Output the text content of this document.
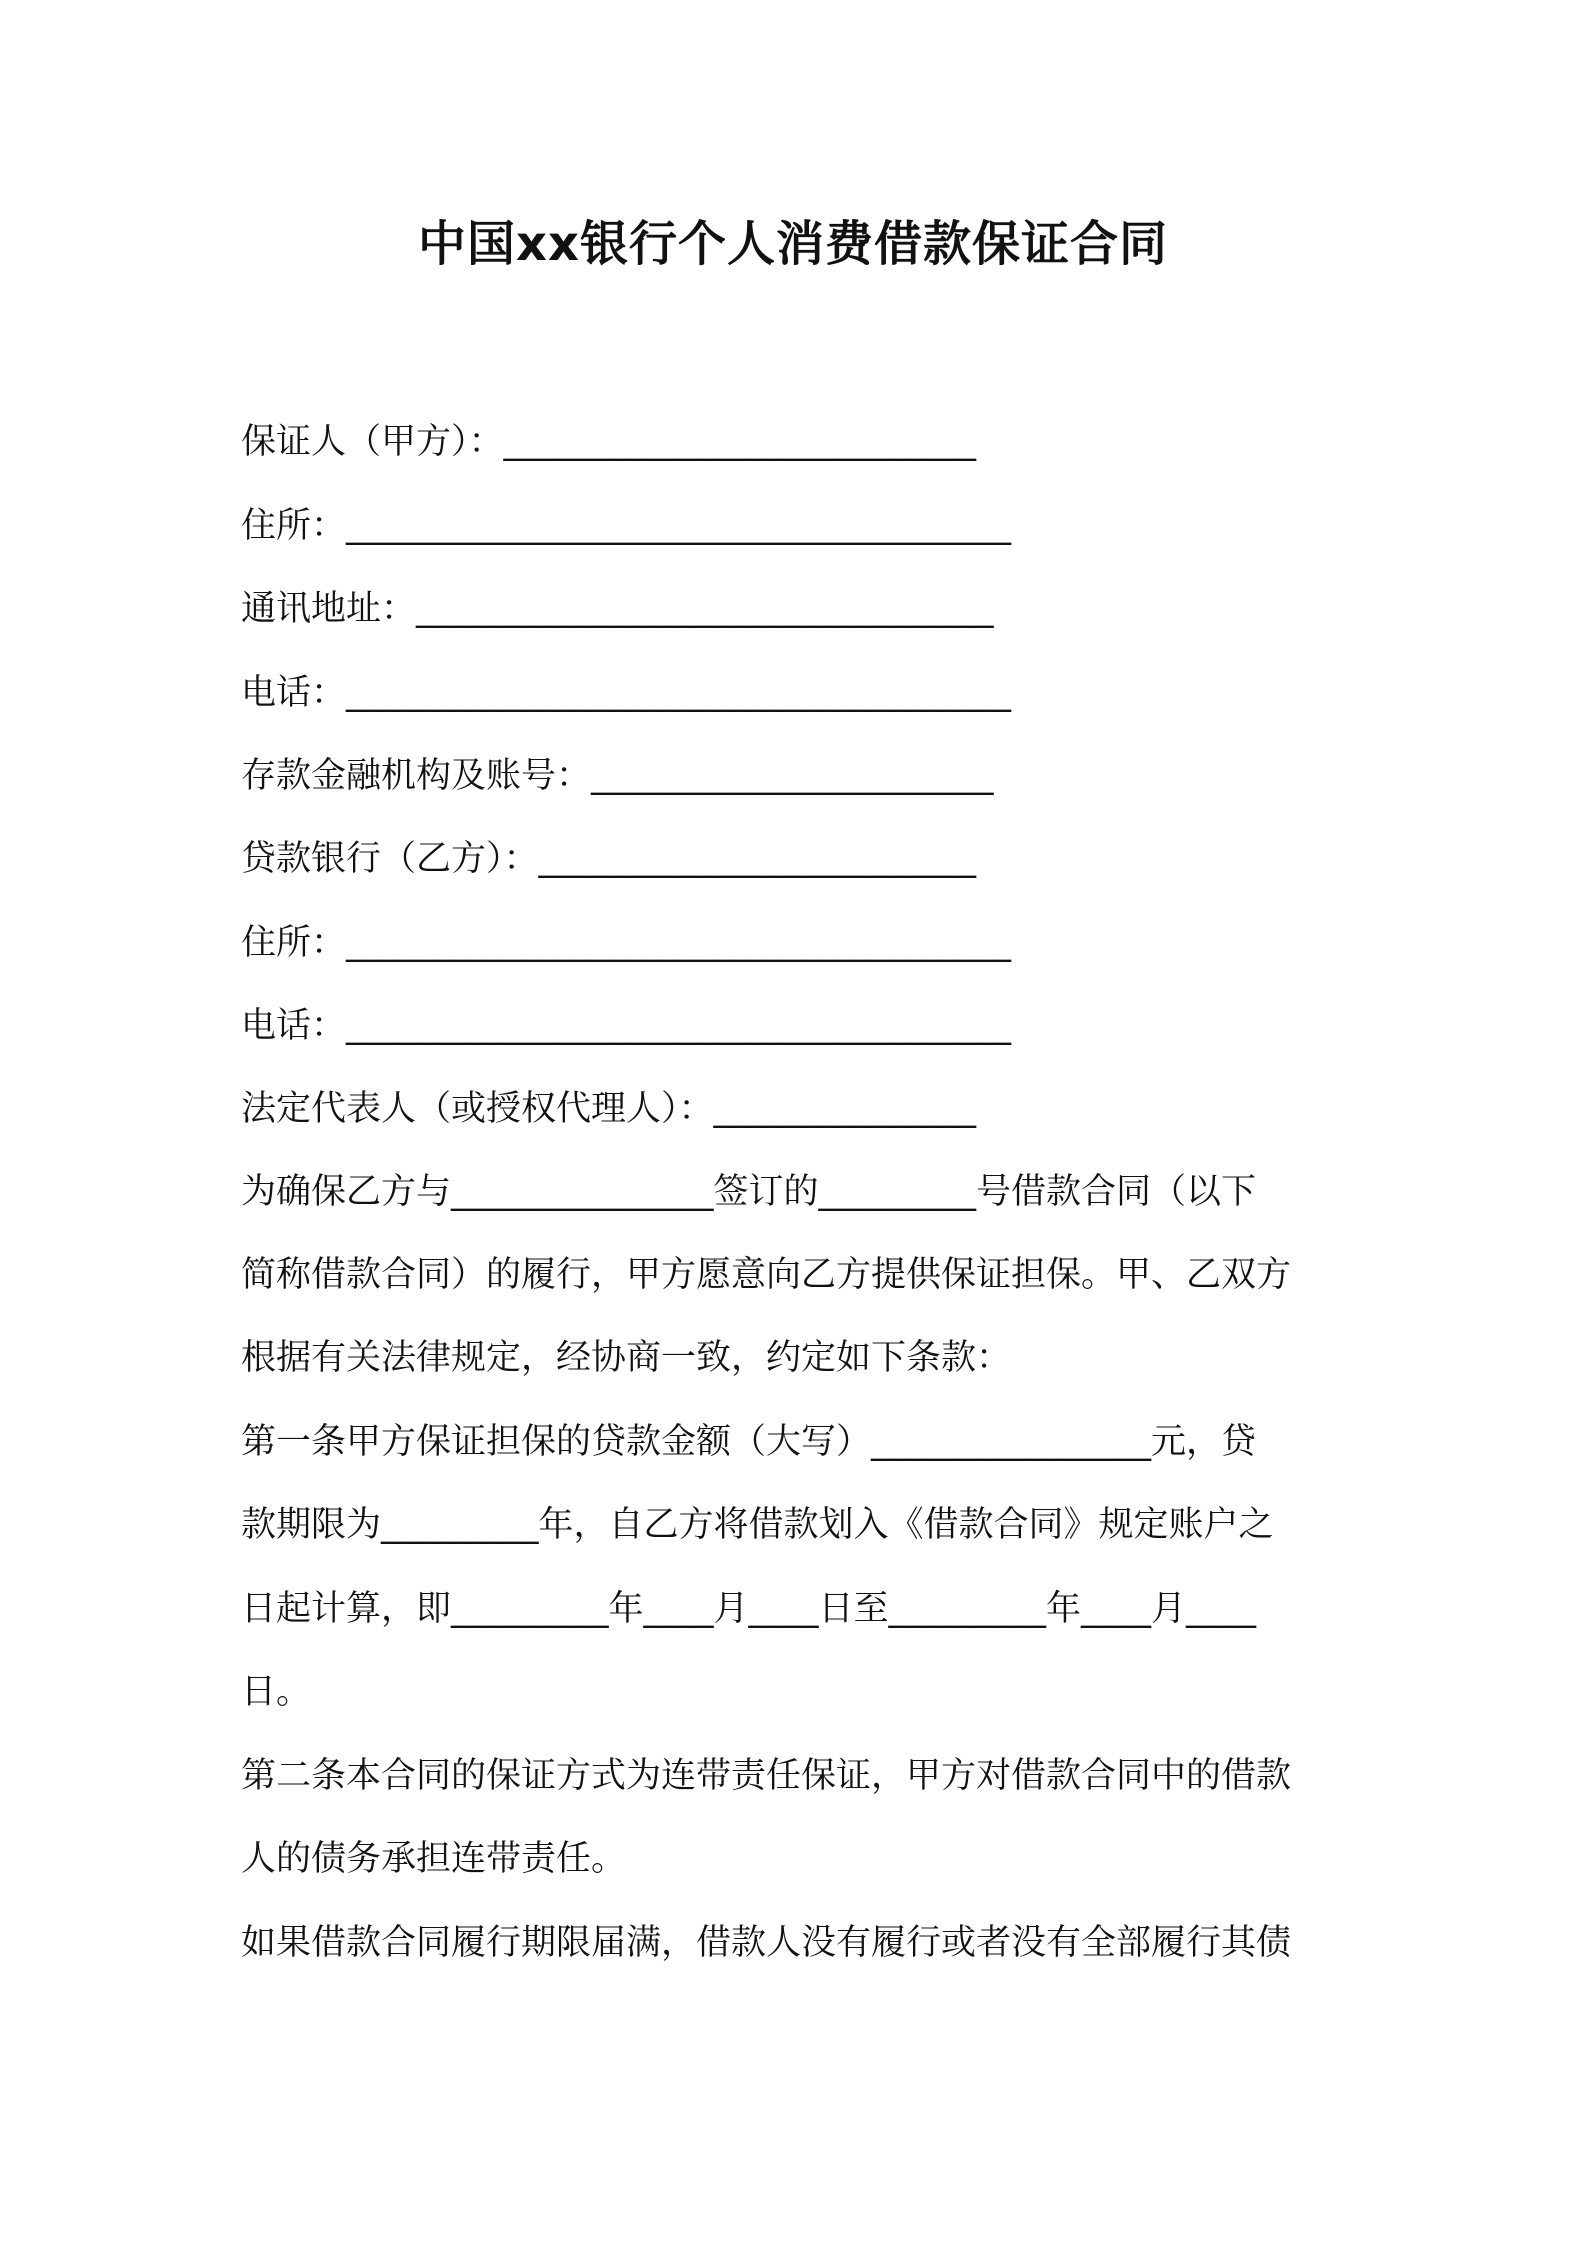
中国xx银行个人消费借款保证合同

保证人（甲方）：___________________________

住所：______________________________________

通讯地址：_________________________________

电话：______________________________________

存款金融机构及账号：_______________________

贷款银行（乙方）：_________________________

住所：______________________________________

电话：______________________________________

法定代表人（或授权代理人）：_______________

为确保乙方与_______________签订的_________号借款合同（以下

简称借款合同）的履行，甲方愿意向乙方提供保证担保。甲、乙双方

根据有关法律规定，经协商一致，约定如下条款：

第一条甲方保证担保的贷款金额（大写）________________元，贷

款期限为_________年，自乙方将借款划入《借款合同》规定账户之

日起计算，即_________年____月____日至_________年____月____

日。

第二条本合同的保证方式为连带责任保证，甲方对借款合同中的借款

人的债务承担连带责任。

如果借款合同履行期限届满，借款人没有履行或者没有全部履行其债
